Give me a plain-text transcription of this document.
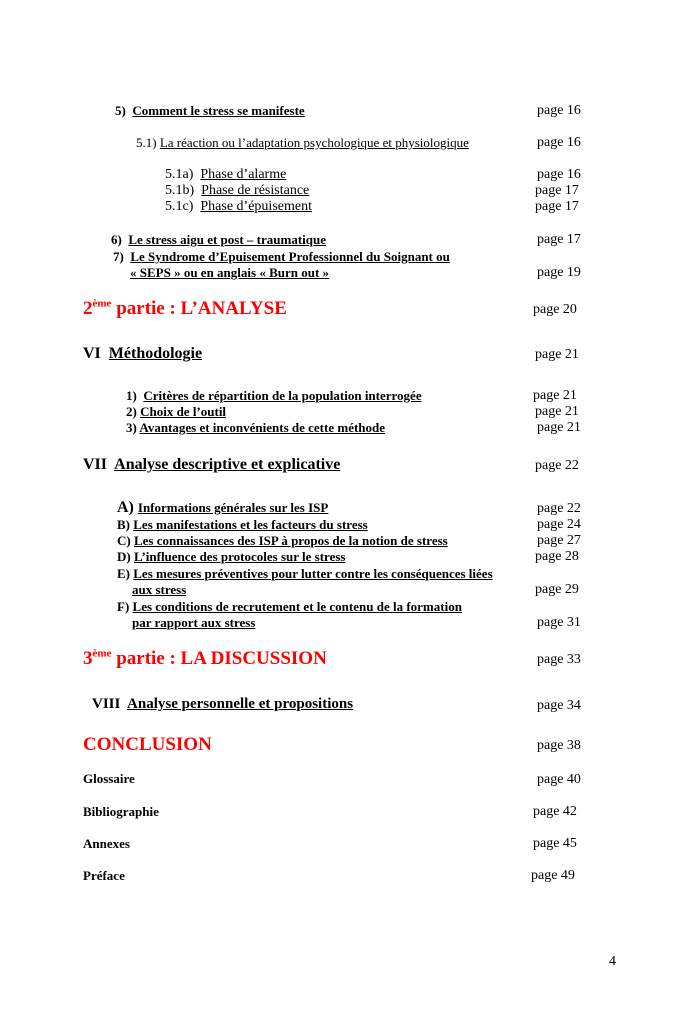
5) Comment le stress se manifeste	page 16
5.1) La réaction ou l’adaptation psychologique et physiologique	page 16
5.1a) Phase d’alarme	page 16
5.1b) Phase de résistance	page 17
5.1c) Phase d’épuisement	page 17
6) Le stress aigu et post – traumatique	page 17
7) Le Syndrome d’Epuisement Professionnel du Soignant ou
« SEPS » ou en anglais « Burn out »	page 19
2ème partie : L’ANALYSE	page 20
VI Méthodologie	page 21
1) Critères de répartition de la population interrogée	page 21
2) Choix de l’outil	page 21
3) Avantages et inconvénients de cette méthode	page 21
VII Analyse descriptive et explicative	page 22
A) Informations générales sur les ISP	page 22
B) Les manifestations et les facteurs du stress	page 24
C) Les connaissances des ISP à propos de la notion de stress	page 27
D) L’influence des protocoles sur le stress	page 28
E) Les mesures préventives pour lutter contre les conséquences liées
aux stress	page 29
F) Les conditions de recrutement et le contenu de la formation
par rapport aux stress	page 31
3ème partie : LA DISCUSSION	page 33
VIII Analyse personnelle et propositions	page 34
CONCLUSION	page 38
Glossaire	page 40
Bibliographie	page 42
Annexes	page 45
Préface	page 49
4
